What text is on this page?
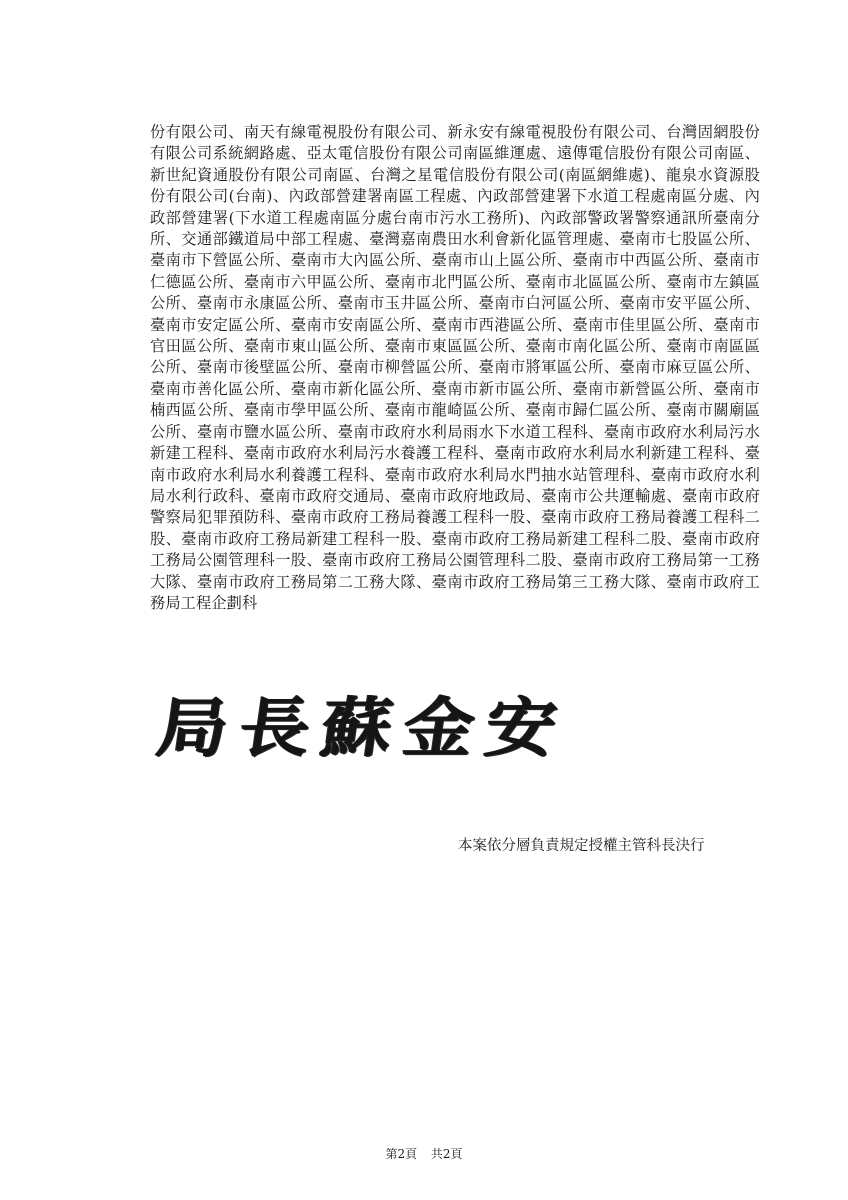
份有限公司、南天有線電視股份有限公司、新永安有線電視股份有限公司、台灣固網股份有限公司系統網路處、亞太電信股份有限公司南區維運處、遠傳電信股份有限公司南區、新世紀資通股份有限公司南區、台灣之星電信股份有限公司(南區網維處)、龍泉水資源股份有限公司(台南)、內政部營建署南區工程處、內政部營建署下水道工程處南區分處、內政部營建署(下水道工程處南區分處台南市污水工務所)、內政部警政署警察通訊所臺南分所、交通部鐵道局中部工程處、臺灣嘉南農田水利會新化區管理處、臺南市七股區公所、臺南市下營區公所、臺南市大內區公所、臺南市山上區公所、臺南市中西區公所、臺南市仁德區公所、臺南市六甲區公所、臺南市北門區公所、臺南市北區區公所、臺南市左鎮區公所、臺南市永康區公所、臺南市玉井區公所、臺南市白河區公所、臺南市安平區公所、臺南市安定區公所、臺南市安南區公所、臺南市西港區公所、臺南市佳里區公所、臺南市官田區公所、臺南市東山區公所、臺南市東區區公所、臺南市南化區公所、臺南市南區區公所、臺南市後壁區公所、臺南市柳營區公所、臺南市將軍區公所、臺南市麻豆區公所、臺南市善化區公所、臺南市新化區公所、臺南市新市區公所、臺南市新營區公所、臺南市楠西區公所、臺南市學甲區公所、臺南市龍崎區公所、臺南市歸仁區公所、臺南市關廟區公所、臺南市鹽水區公所、臺南市政府水利局雨水下水道工程科、臺南市政府水利局污水新建工程科、臺南市政府水利局污水養護工程科、臺南市政府水利局水利新建工程科、臺南市政府水利局水利養護工程科、臺南市政府水利局水門抽水站管理科、臺南市政府水利局水利行政科、臺南市政府交通局、臺南市政府地政局、臺南市公共運輸處、臺南市政府警察局犯罪預防科、臺南市政府工務局養護工程科一股、臺南市政府工務局養護工程科二股、臺南市政府工務局新建工程科一股、臺南市政府工務局新建工程科二股、臺南市政府工務局公園管理科一股、臺南市政府工務局公園管理科二股、臺南市政府工務局第一工務大隊、臺南市政府工務局第二工務大隊、臺南市政府工務局第三工務大隊、臺南市政府工務局工程企劃科

局長蘇金安
本案依分層負責規定授權主管科長決行
第2頁 共2頁
